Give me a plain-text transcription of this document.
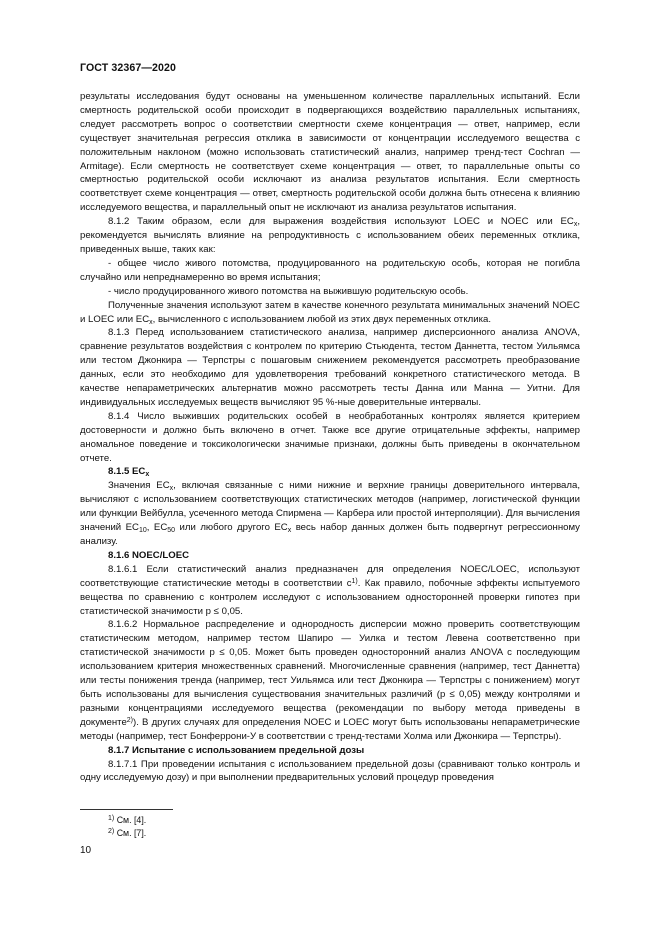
ГОСТ 32367—2020

результаты исследования будут основаны на уменьшенном количестве параллельных испытаний. Если смертность родительской особи происходит в подвергающихся воздействию параллельных испытаниях, следует рассмотреть вопрос о соответствии смертности схеме концентрация — ответ, например, если существует значительная регрессия отклика в зависимости от концентрации исследуемого вещества с положительным наклоном (можно использовать статистический анализ, например тренд-тест Cochran — Armitage). Если смертность не соответствует схеме концентрация — ответ, то параллельные опыты со смертностью родительской особи исключают из анализа результатов испытания. Если смертность соответствует схеме концентрация — ответ, смертность родительской особи должна быть отнесена к влиянию исследуемого вещества, и параллельный опыт не исключают из анализа результатов испытания.

8.1.2 Таким образом, если для выражения воздействия используют LOEC и NOEC или $EC_x$, рекомендуется вычислять влияние на репродуктивность с использованием обеих переменных отклика, приведенных выше, таких как:

- общее число живого потомства, продуцированного на родительскую особь, которая не погибла случайно или непреднамеренно во время испытания;

- число продуцированного живого потомства на выжившую родительскую особь.

Полученные значения используют затем в качестве конечного результата минимальных значений NOEC и LOEC или $EC_x$, вычисленного с использованием любой из этих двух переменных отклика.

8.1.3 Перед использованием статистического анализа, например дисперсионного анализа ANOVA, сравнение результатов воздействия с контролем по критерию Стьюдента, тестом Даннетта, тестом Уильямса или тестом Джонкира — Терпстры с пошаговым снижением рекомендуется рассмотреть преобразование данных, если это необходимо для удовлетворения требований конкретного статистического метода. В качестве непараметрических альтернатив можно рассмотреть тесты Данна или Манна — Уитни. Для индивидуальных исследуемых веществ вычисляют 95 %-ные доверительные интервалы.

8.1.4 Число выживших родительских особей в необработанных контролях является критерием достоверности и должно быть включено в отчет. Также все другие отрицательные эффекты, например аномальное поведение и токсикологически значимые признаки, должны быть приведены в окончательном отчете.

8.1.5 $EC_x$

Значения $EC_x$, включая связанные с ними нижние и верхние границы доверительного интервала, вычисляют с использованием соответствующих статистических методов (например, логистической функции или функции Вейбулла, усеченного метода Спирмена — Карбера или простой интерполяции). Для вычисления значений $EC_{10}$, $EC_{50}$ или любого другого $EC_x$ весь набор данных должен быть подвергнут регрессионному анализу.

8.1.6 NOEC/LOEC

8.1.6.1 Если статистический анализ предназначен для определения NOEC/LOEC, используют соответствующие статистические методы в соответствии $с^{1)}$. Как правило, побочные эффекты испытуемого вещества по сравнению с контролем исследуют с использованием односторонней проверки гипотез при статистической значимости р ≤ 0,05.

8.1.6.2 Нормальное распределение и однородность дисперсии можно проверить соответствующим статистическим методом, например тестом Шапиро — Уилка и тестом Левена соответственно при статистической значимости р ≤ 0,05. Может быть проведен односторонний анализ ANOVA с последующим использованием критерия множественных сравнений. Многочисленные сравнения (например, тест Даннетта) или тесты понижения тренда (например, тест Уильямса или тест Джонкира — Терпстры с понижением) могут быть использованы для вычисления существования значительных различий (р ≤ 0,05) между контролями и разными концентрациями исследуемого вещества (рекомендации по выбору метода приведены в документе$^{2)}$). В других случаях для определения NOEC и LOEC могут быть использованы непараметрические методы (например, тест Бонферрони-У в соответствии с тренд-тестами Холма или Джонкира — Терпстры).

8.1.7 Испытание с использованием предельной дозы

8.1.7.1 При проведении испытания с использованием предельной дозы (сравнивают только контроль и одну исследуемую дозу) и при выполнении предварительных условий процедур проведения

$^{1)}$ См. [4].

$^{2)}$ См. [7].

10
